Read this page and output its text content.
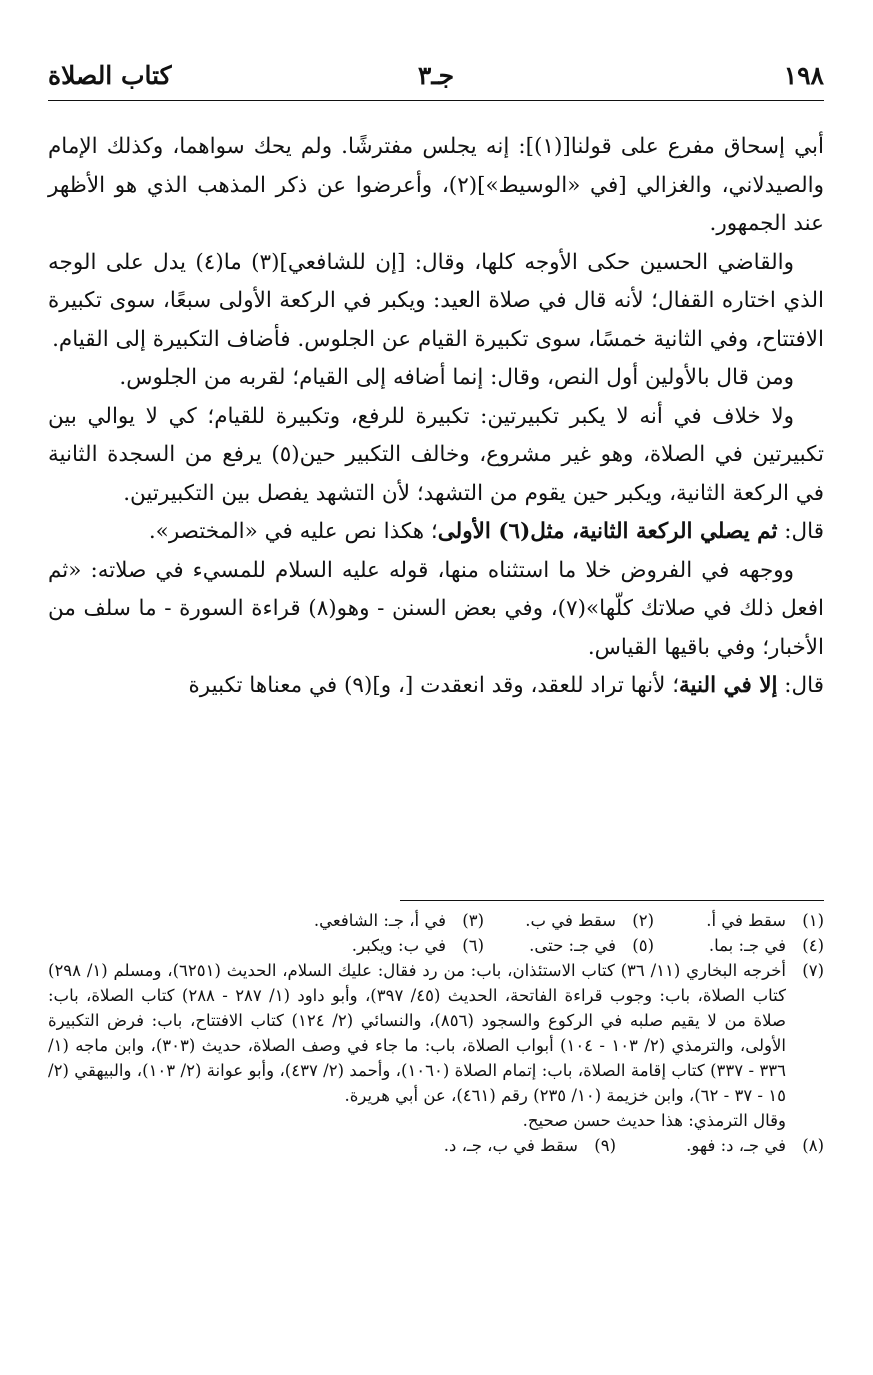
١٩٨
جـ٣
كتاب الصلاة

أبي إسحاق مفرع على قولنا[(١)]: إنه يجلس مفترشًا. ولم يحك سواهما، وكذلك الإمام والصيدلاني، والغزالي [في «الوسيط»](٢)، وأعرضوا عن ذكر المذهب الذي هو الأظهر عند الجمهور.

والقاضي الحسين حكى الأوجه كلها، وقال: [إن للشافعي](٣) ما(٤) يدل على الوجه الذي اختاره القفال؛ لأنه قال في صلاة العيد: ويكبر في الركعة الأولى سبعًا، سوى تكبيرة الافتتاح، وفي الثانية خمسًا، سوى تكبيرة القيام عن الجلوس. فأضاف التكبيرة إلى القيام.

ومن قال بالأولين أول النص، وقال: إنما أضافه إلى القيام؛ لقربه من الجلوس.

ولا خلاف في أنه لا يكبر تكبيرتين: تكبيرة للرفع، وتكبيرة للقيام؛ كي لا يوالي بين تكبيرتين في الصلاة، وهو غير مشروع، وخالف التكبير حين(٥) يرفع من السجدة الثانية في الركعة الثانية، ويكبر حين يقوم من التشهد؛ لأن التشهد يفصل بين التكبيرتين.

قال: ثم يصلي الركعة الثانية، مثل(٦) الأولى؛ هكذا نص عليه في «المختصر».

ووجهه في الفروض خلا ما استثناه منها، قوله عليه السلام للمسيء في صلاته: «ثم افعل ذلك في صلاتك كلّها»(٧)، وفي بعض السنن - وهو(٨) قراءة السورة - ما سلف من الأخبار؛ وفي باقيها القياس.

قال: إلا في النية؛ لأنها تراد للعقد، وقد انعقدت [، و](٩) في معناها تكبيرة

(١)
سقط في أ.
(٢)
سقط في ب.
(٣)
في أ، جـ: الشافعي.
(٤)
في جـ: بما.
(٥)
في جـ: حتى.
(٦)
في ب: ويكبر.
(٧)
أخرجه البخاري (١١/ ٣٦) كتاب الاستئذان، باب: من رد فقال: عليك السلام، الحديث (٦٢٥١)، ومسلم (١/ ٢٩٨) كتاب الصلاة، باب: وجوب قراءة الفاتحة، الحديث (٤٥/ ٣٩٧)، وأبو داود (١/ ٢٨٧ - ٢٨٨) كتاب الصلاة، باب: صلاة من لا يقيم صلبه في الركوع والسجود (٨٥٦)، والنسائي (٢/ ١٢٤) كتاب الافتتاح، باب: فرض التكبيرة الأولى، والترمذي (٢/ ١٠٣ - ١٠٤) أبواب الصلاة، باب: ما جاء في وصف الصلاة، حديث (٣٠٣)، وابن ماجه (١/ ٣٣٦ - ٣٣٧) كتاب إقامة الصلاة، باب: إتمام الصلاة (١٠٦٠)، وأحمد (٢/ ٤٣٧)، وأبو عوانة (٢/ ١٠٣)، والبيهقي (٢/ ١٥ - ٣٧ - ٦٢)، وابن خزيمة (١٠/ ٢٣٥) رقم (٤٦١)، عن أبي هريرة.
وقال الترمذي: هذا حديث حسن صحيح.
(٨)
في جـ، د: فهو.
(٩)
سقط في ب، جـ، د.
